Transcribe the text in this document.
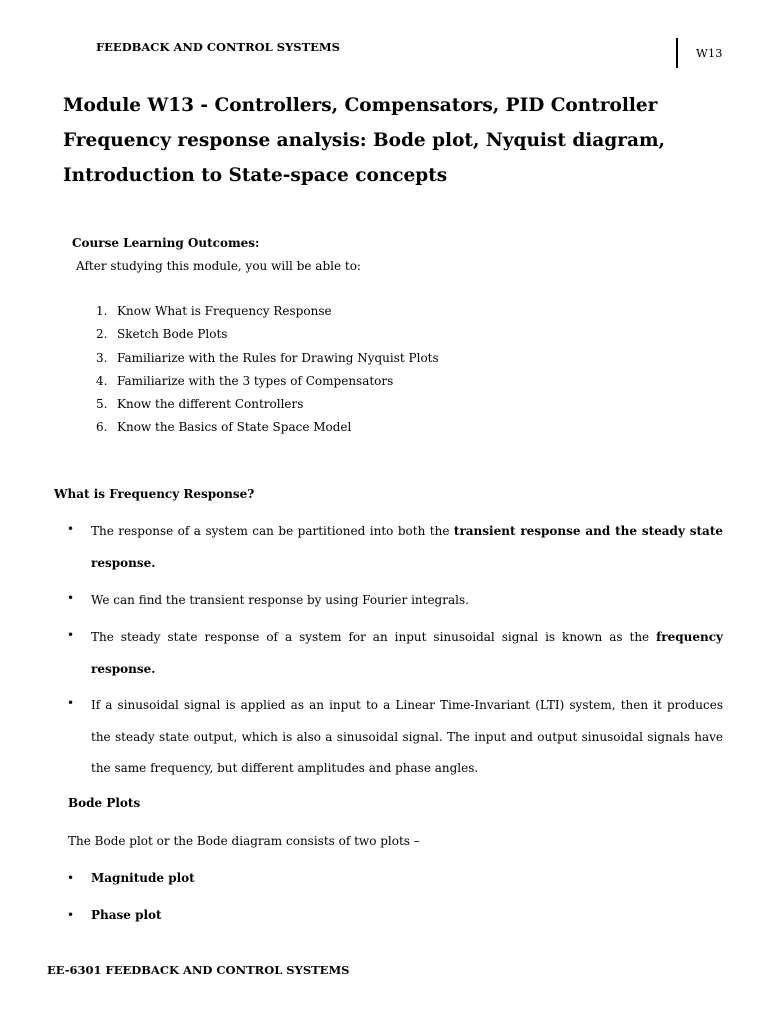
FEEDBACK AND CONTROL SYSTEMS	W13
Module W13 - Controllers, Compensators, PID Controller
Frequency response analysis: Bode plot, Nyquist diagram,
Introduction to State-space concepts
Course Learning Outcomes:
After studying this module, you will be able to:
1. Know What is Frequency Response
2. Sketch Bode Plots
3. Familiarize with the Rules for Drawing Nyquist Plots
4. Familiarize with the 3 types of Compensators
5. Know the different Controllers
6. Know the Basics of State Space Model
What is Frequency Response?
• The response of a system can be partitioned into both the transient response and the steady state response.
• We can find the transient response by using Fourier integrals.
• The steady state response of a system for an input sinusoidal signal is known as the frequency response.
• If a sinusoidal signal is applied as an input to a Linear Time-Invariant (LTI) system, then it produces the steady state output, which is also a sinusoidal signal. The input and output sinusoidal signals have the same frequency, but different amplitudes and phase angles.
Bode Plots
The Bode plot or the Bode diagram consists of two plots –
• Magnitude plot
• Phase plot
EE-6301 FEEDBACK AND CONTROL SYSTEMS
